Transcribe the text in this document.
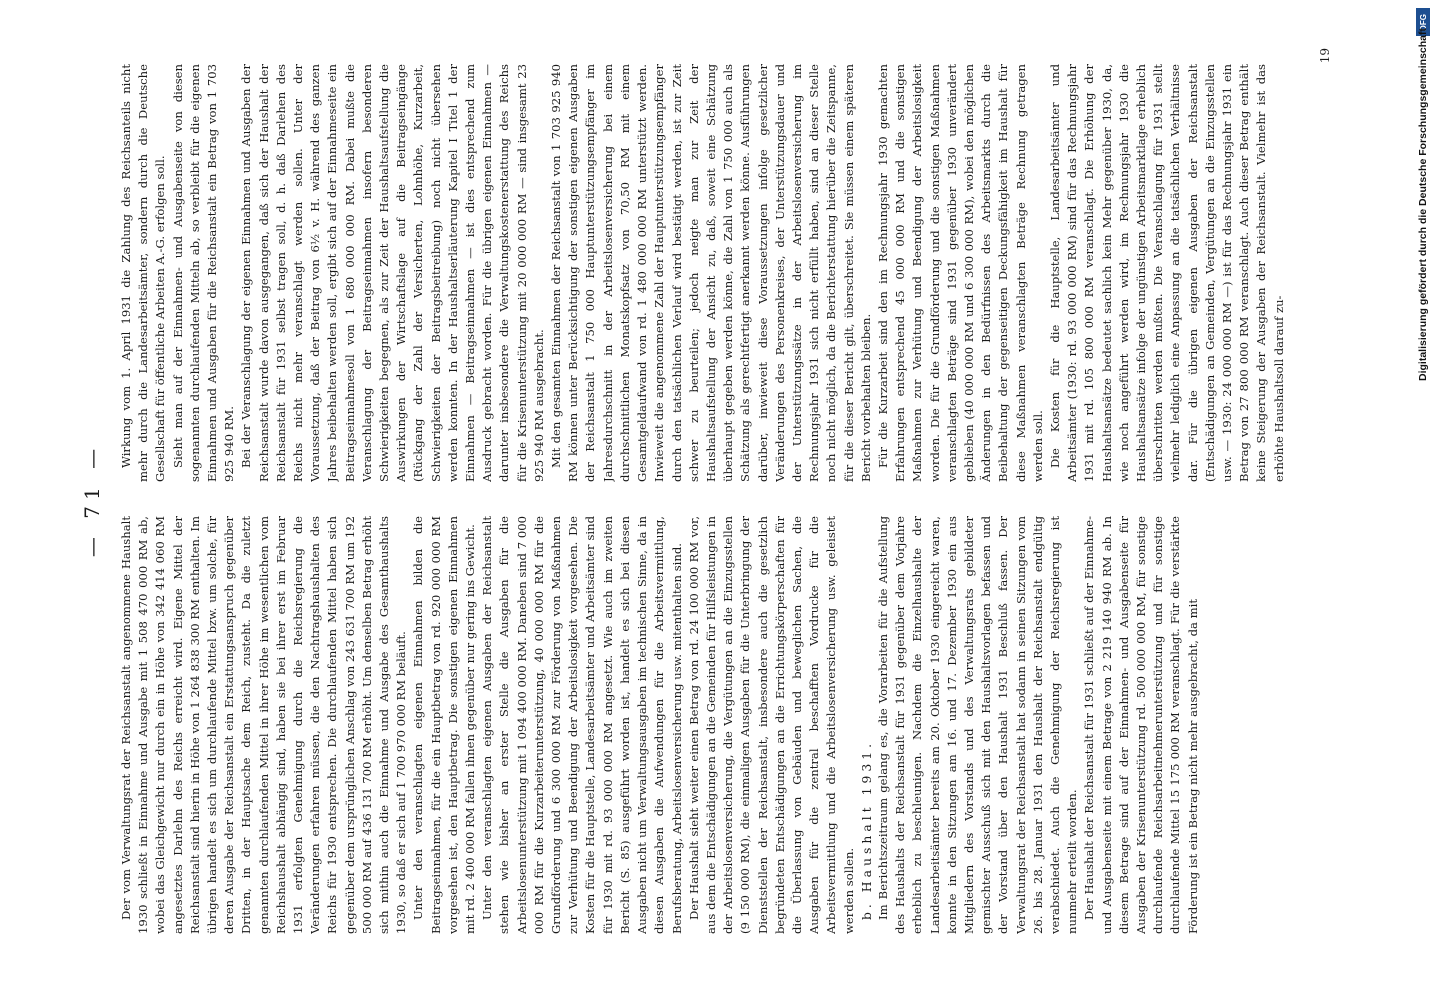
— 71 —

Der vom Verwaltungsrat der Reichsanstalt angenommene Haushalt 1930 schließt in Einnahme und Ausgabe mit 1 508 470 000 RM ab, wobei das Gleichgewicht nur durch ein in Höhe von 342 414 060 RM angesetztes Darlehn des Reichs erreicht wird. Eigene Mittel der Reichsanstalt sind hierin in Höhe von 1 264 838 300 RM enthalten. Im übrigen handelt es sich um durchlaufende Mittel bzw. um solche, für deren Ausgabe der Reichsanstalt ein Erstattungsanspruch gegenüber Dritten, in der Hauptsache dem Reich, zusteht. Da die zuletzt genannten durchlaufenden Mittel in ihrer Höhe im wesentlichen vom Reichshaushalt abhängig sind, haben sie bei ihrer erst im Februar 1931 erfolgten Genehmigung durch die Reichsregierung die Veränderungen erfahren müssen, die den Nachtragshaushalten des Reichs für 1930 entsprechen. Die durchlaufenden Mittel haben sich gegenüber dem ursprünglichen Anschlag von 243 631 700 RM um 192 500 000 RM auf 436 131 700 RM erhöht. Um denselben Betrag erhöht sich mithin auch die Einnahme und Ausgabe des Gesamthaushalts 1930, so daß er sich auf 1 700 970 000 RM beläuft. Unter den veranschlagten eigenen Einnahmen bilden die Beitragseinnahmen, für die ein Hauptbetrag von rd. 920 000 000 RM vorgesehen ist, den Hauptbetrag. Die sonstigen eigenen Einnahmen mit rd. 2 400 000 RM fallen ihnen gegenüber nur gering ins Gewicht. Unter den veranschlagten eigenen Ausgaben der Reichsanstalt stehen wie bisher an erster Stelle die Ausgaben für die Arbeitslosenunterstützung mit 1 094 400 000 RM. Daneben sind 7 000 000 RM für die Kurzarbeiterunterstützung, 40 000 000 RM für die Grundförderung und 6 300 000 RM zur Förderung von Maßnahmen zur Verhütung und Beendigung der Arbeitslosigkeit vorgesehen. Die Kosten für die Hauptstelle, Landesarbeitsämter und Arbeitsämter sind für 1930 mit rd. 93 000 000 RM angesetzt. Wie auch im zweiten Bericht (S. 85) ausgeführt worden ist, handelt es sich bei diesen Ausgaben nicht um Verwaltungsausgaben im technischen Sinne, da in diesen Ausgaben die Aufwendungen für die Arbeitsvermittlung, Berufsberatung, Arbeitslosenversicherung usw. mitenthalten sind. Der Haushalt sieht weiter einen Betrag von rd. 24 100 000 RM vor, aus dem die Entschädigungen an die Gemeinden für Hilfsleistungen in der Arbeitslosenversicherung, die Vergütungen an die Einzugsstellen (9 150 000 RM), die einmaligen Ausgaben für die Unterbringung der Dienststellen der Reichsanstalt, insbesondere auch die gesetzlich begründeten Entschädigungen an die Errichtungskörperschaften für die Überlassung von Gebäuden und beweglichen Sachen, die Ausgaben für die zentral beschafften Vordrucke für die Arbeitsvermittlung und die Arbeitslosenversicherung usw. geleistet werden sollen. b. Haushalt 1931. Im Berichtszeitraum gelang es, die Vorarbeiten für die Aufstellung des Haushalts der Reichsanstalt für 1931 gegenüber dem Vorjahre erheblich zu beschleunigen. Nachdem die Einzelhaushalte der Landesarbeitsämter bereits am 20. Oktober 1930 eingereicht waren, konnte in den Sitzungen am 16. und 17. Dezember 1930 ein aus Mitgliedern des Vorstands und des Verwaltungsrats gebildeter gemischter Ausschuß sich mit den Haushaltsvorlagen befassen und der Vorstand über den Haushalt 1931 Beschluß fassen. Der Verwaltungsrat der Reichsanstalt hat sodann in seinen Sitzungen vom 26. bis 28. Januar 1931 den Haushalt der Reichsanstalt endgültig verabschiedet. Auch die Genehmigung der Reichsregierung ist nunmehr erteilt worden. Der Haushalt der Reichsanstalt für 1931 schließt auf der Einnahme- und Ausgabenseite mit einem Betrage von 2 219 140 940 RM ab. In diesem Betrage sind auf der Einnahmen- und Ausgabenseite für Ausgaben der Krisenunterstützung rd. 500 000 000 RM, für sonstige durchlaufende Reichsarbeitnehmerunterstützung und für sonstige durchlaufende Mittel 15 175 000 RM veranschlagt. Für die verstärkte Förderung ist ein Betrag nicht mehr ausgebracht, da mit

Wirkung vom 1. April 1931 die Zahlung des Reichsanteils nicht mehr durch die Landesarbeitsämter, sondern durch die Deutsche Gesellschaft für öffentliche Arbeiten A.-G. erfolgen soll. Sieht man auf der Einnahmen- und Ausgabenseite von diesen sogenannten durchlaufenden Mitteln ab, so verbleibt für die eigenen Einnahmen und Ausgaben für die Reichsanstalt ein Betrag von 1 703 925 940 RM. Bei der Veranschlagung der eigenen Einnahmen und Ausgaben der Reichsanstalt wurde davon ausgegangen, daß sich der Haushalt der Reichsanstalt für 1931 selbst tragen soll, d. h. daß Darlehen des Reichs nicht mehr veranschlagt werden sollen. Unter der Voraussetzung, daß der Beitrag von 6½ v. H. während des ganzen Jahres beibehalten werden soll, ergibt sich auf der Einnahmeseite ein Beitragseinnahmesoll von 1 680 000 000 RM. Dabei mußte die Veranschlagung der Beitragseinnahmen insofern besonderen Schwierigkeiten begegnen, als zur Zeit der Haushaltsaufstellung die Auswirkungen der Wirtschaftslage auf die Beitragseingänge (Rückgang der Zahl der Versicherten, Lohnhöhe, Kurzarbeit, Schwierigkeiten der Beitragsbeitreibung) noch nicht übersehen werden konnten. In der Haushaltserläuterung Kapitel I Titel 1 der Einnahmen — Beitragseinnahmen — ist dies entsprechend zum Ausdruck gebracht worden. Für die übrigen eigenen Einnahmen — darunter insbesondere die Verwaltungskostenerstattung des Reichs für die Krisenunterstützung mit 20 000 000 RM — sind insgesamt 23 925 940 RM ausgebracht. Mit den gesamten Einnahmen der Reichsanstalt von 1 703 925 940 RM können unter Berücksichtigung der sonstigen eigenen Ausgaben der Reichsanstalt 1 750 000 Hauptunterstützungsempfänger im Jahresdurchschnitt in der Arbeitslosenversicherung bei einem durchschnittlichen Monatskopfsatz von 70,50 RM mit einem Gesamtgeldaufwand von rd. 1 480 000 000 RM unterstützt werden. Inwieweit die angenommene Zahl der Hauptunterstützungsempfänger durch den tatsächlichen Verlauf wird bestätigt werden, ist zur Zeit schwer zu beurteilen; jedoch neigte man zur Zeit der Haushaltsaufstellung der Ansicht zu, daß, soweit eine Schätzung überhaupt gegeben werden könne, die Zahl von 1 750 000 auch als Schätzung als gerechtfertigt anerkannt werden könne. Ausführungen darüber, inwieweit diese Voraussetzungen infolge gesetzlicher Veränderungen des Personenkreises, der Unterstützungsdauer und der Unterstützungssätze in der Arbeitslosenversicherung im Rechnungsjahr 1931 sich nicht erfüllt haben, sind an dieser Stelle noch nicht möglich, da die Berichterstattung hierüber die Zeitspanne, für die dieser Bericht gilt, überschreitet. Sie müssen einem späteren Bericht vorbehalten bleiben. Für die Kurzarbeit sind den im Rechnungsjahr 1930 gemachten Erfahrungen entsprechend 45 000 000 RM und die sonstigen Maßnahmen zur Verhütung und Beendigung der Arbeitslosigkeit worden. Die für die Grundförderung und die sonstigen Maßnahmen veranschlagten Beträge sind 1931 gegenüber 1930 unverändert geblieben (40 000 000 RM und 6 300 000 RM), wobei den möglichen Änderungen in den Bedürfnissen des Arbeitsmarkts durch die Beibehaltung der gegenseitigen Deckungsfähigkeit im Haushalt für diese Maßnahmen veranschlagten Beträge Rechnung getragen werden soll. Die Kosten für die Hauptstelle, Landesarbeitsämter und Arbeitsämter (1930: rd. 93 000 000 RM) sind für das Rechnungsjahr 1931 mit rd. 105 800 000 RM veranschlagt. Die Erhöhung der Haushaltsansätze bedeutet sachlich kein Mehr gegenüber 1930, da, wie noch angeführt werden wird, im Rechnungsjahr 1930 die Haushaltsansätze infolge der ungünstigen Arbeitsmarktlage erheblich überschritten werden mußten. Die Veranschlagung für 1931 stellt vielmehr lediglich eine Anpassung an die tatsächlichen Verhältnisse dar. Für die übrigen eigenen Ausgaben der Reichsanstalt (Entschädigungen an Gemeinden, Vergütungen an die Einzugsstellen usw. — 1930: 24 000 000 RM —) ist für das Rechnungsjahr 1931 ein Betrag von 27 800 000 RM veranschlagt. Auch dieser Betrag enthält keine Steigerung der Ausgaben der Reichsanstalt. Vielmehr ist das erhöhte Haushaltsoll darauf zu-

19
DFG
Digitalisierung gefördert durch die Deutsche Forschungsgemeinschaft
